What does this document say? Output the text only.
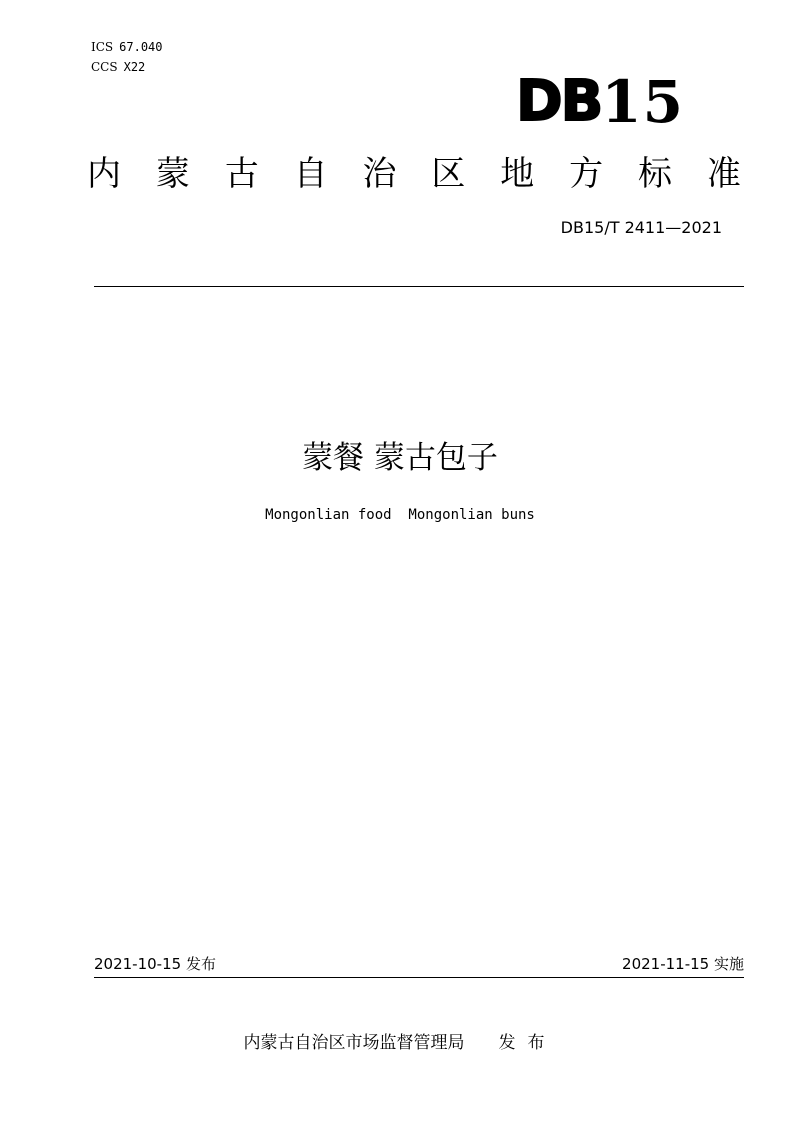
ICS 67.040
CCS X22
DB 15
内 蒙 古 自 治 区 地 方 标 准
DB15/T 2411—2021
蒙餐 蒙古包子
Mongonlian food  Mongonlian buns
2021-10-15 发布	2021-11-15 实施
内蒙古自治区市场监督管理局 发布
